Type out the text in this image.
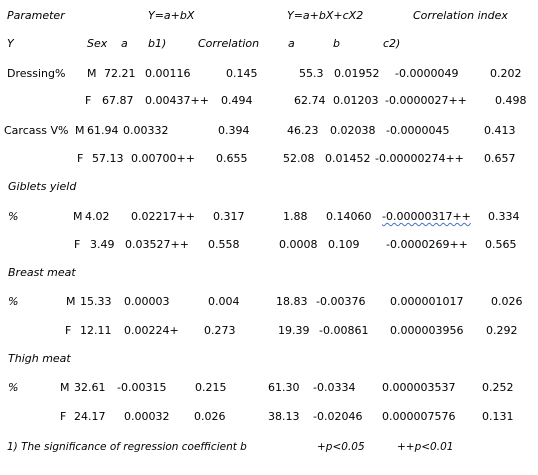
Parameter	Y=a+bX	Y=a+bX+cX2	Correlation index
Y	Sex a b1)	Correlation	a	b	c2)
Dressing% M 72.21 0.00116	0.145	55.3 0.01952 -0.0000049	0.202
F 67.87 0.00437++ 0.494	62.74 0.01203 -0.0000027++	0.498
Carcass V% M 61.94 0.00332	0.394	46.23 0.02038 -0.0000045	0.413
F 57.13 0.00700++ 0.655	52.08 0.01452 -0.00000274++ 0.657
Giblets yield
%	M 4.02 0.02217++ 0.317	1.88 0.14060 -0.00000317++ 0.334
F 3.49 0.03527++ 0.558	0.0008 0.109 -0.0000269++ 0.565
Breast meat
%	M 15.33 0.00003	0.004	18.83 -0.00376 0.000001017	0.026
F 12.11 0.00224+ 0.273	19.39 -0.00861 0.000003956 0.292
Thigh meat
%	M 32.61 -0.00315	0.215	61.30 -0.0334 0.000003537 0.252
F 24.17 0.00032 0.026	38.13 -0.02046 0.000007576 0.131
1) The significance of regression coefficient b	+p<0.05	++p<0.01
